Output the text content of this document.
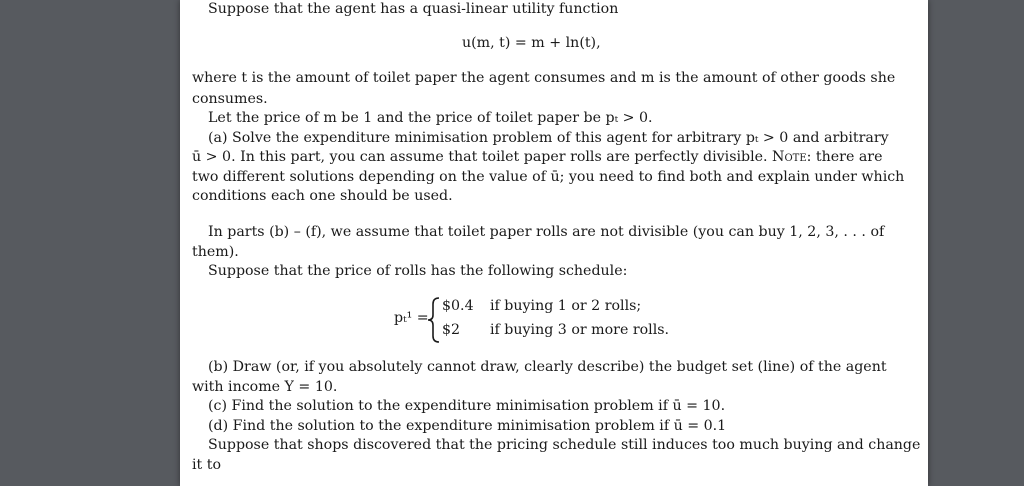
Suppose that the agent has a quasi-linear utility function
u(m, t) = m + ln(t),
where t is the amount of toilet paper the agent consumes and m is the amount of other goods she
consumes.
Let the price of m be 1 and the price of toilet paper be pₜ > 0.
(a) Solve the expenditure minimisation problem of this agent for arbitrary pₜ > 0 and arbitrary
ū > 0. In this part, you can assume that toilet paper rolls are perfectly divisible. Note: there are
two different solutions depending on the value of ū; you need to find both and explain under which
conditions each one should be used.
In parts (b) – (f), we assume that toilet paper rolls are not divisible (you can buy 1, 2, 3, . . . of
them).
Suppose that the price of rolls has the following schedule:
pₜ¹ =
$0.4 if buying 1 or 2 rolls;
$2 if buying 3 or more rolls.
(b) Draw (or, if you absolutely cannot draw, clearly describe) the budget set (line) of the agent
with income Y = 10.
(c) Find the solution to the expenditure minimisation problem if ū = 10.
(d) Find the solution to the expenditure minimisation problem if ū = 0.1
Suppose that shops discovered that the pricing schedule still induces too much buying and change
it to
